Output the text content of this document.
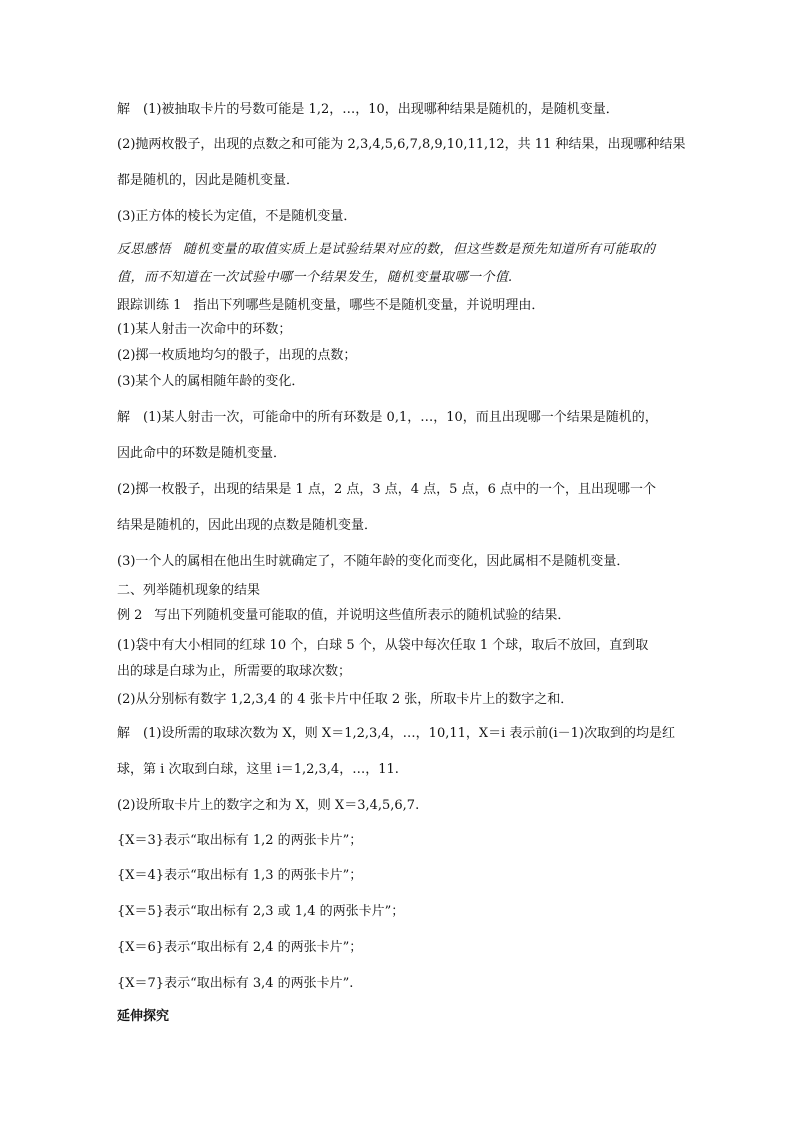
解　(1)被抽取卡片的号数可能是 1,2，…，10，出现哪种结果是随机的，是随机变量．
(2)抛两枚骰子，出现的点数之和可能为 2,3,4,5,6,7,8,9,10,11,12，共 11 种结果，出现哪种结果
都是随机的，因此是随机变量．
(3)正方体的棱长为定值，不是随机变量．
反思感悟 随机变量的取值实质上是试验结果对应的数，但这些数是预先知道所有可能取的
值，而不知道在一次试验中哪一个结果发生，随机变量取哪一个值.
跟踪训练 1 指出下列哪些是随机变量，哪些不是随机变量，并说明理由．
(1)某人射击一次命中的环数；
(2)掷一枚质地均匀的骰子，出现的点数；
(3)某个人的属相随年龄的变化．
解　(1)某人射击一次，可能命中的所有环数是 0,1，…，10，而且出现哪一个结果是随机的，
因此命中的环数是随机变量．
(2)掷一枚骰子，出现的结果是 1 点，2 点，3 点，4 点，5 点，6 点中的一个，且出现哪一个
结果是随机的，因此出现的点数是随机变量．
(3)一个人的属相在他出生时就确定了，不随年龄的变化而变化，因此属相不是随机变量．
二、列举随机现象的结果
例 2 写出下列随机变量可能取的值，并说明这些值所表示的随机试验的结果．
(1)袋中有大小相同的红球 10 个，白球 5 个，从袋中每次任取 1 个球，取后不放回，直到取
出的球是白球为止，所需要的取球次数；
(2)从分别标有数字 1,2,3,4 的 4 张卡片中任取 2 张，所取卡片上的数字之和．
解　(1)设所需的取球次数为 X，则 X＝1,2,3,4，…，10,11，X＝i 表示前(i－1)次取到的均是红
球，第 i 次取到白球，这里 i＝1,2,3,4，…，11.
(2)设所取卡片上的数字之和为 X，则 X＝3,4,5,6,7.
{X＝3}表示“取出标有 1,2 的两张卡片”；
{X＝4}表示“取出标有 1,3 的两张卡片”；
{X＝5}表示“取出标有 2,3 或 1,4 的两张卡片”；
{X＝6}表示“取出标有 2,4 的两张卡片”；
{X＝7}表示“取出标有 3,4 的两张卡片”.
延伸探究
